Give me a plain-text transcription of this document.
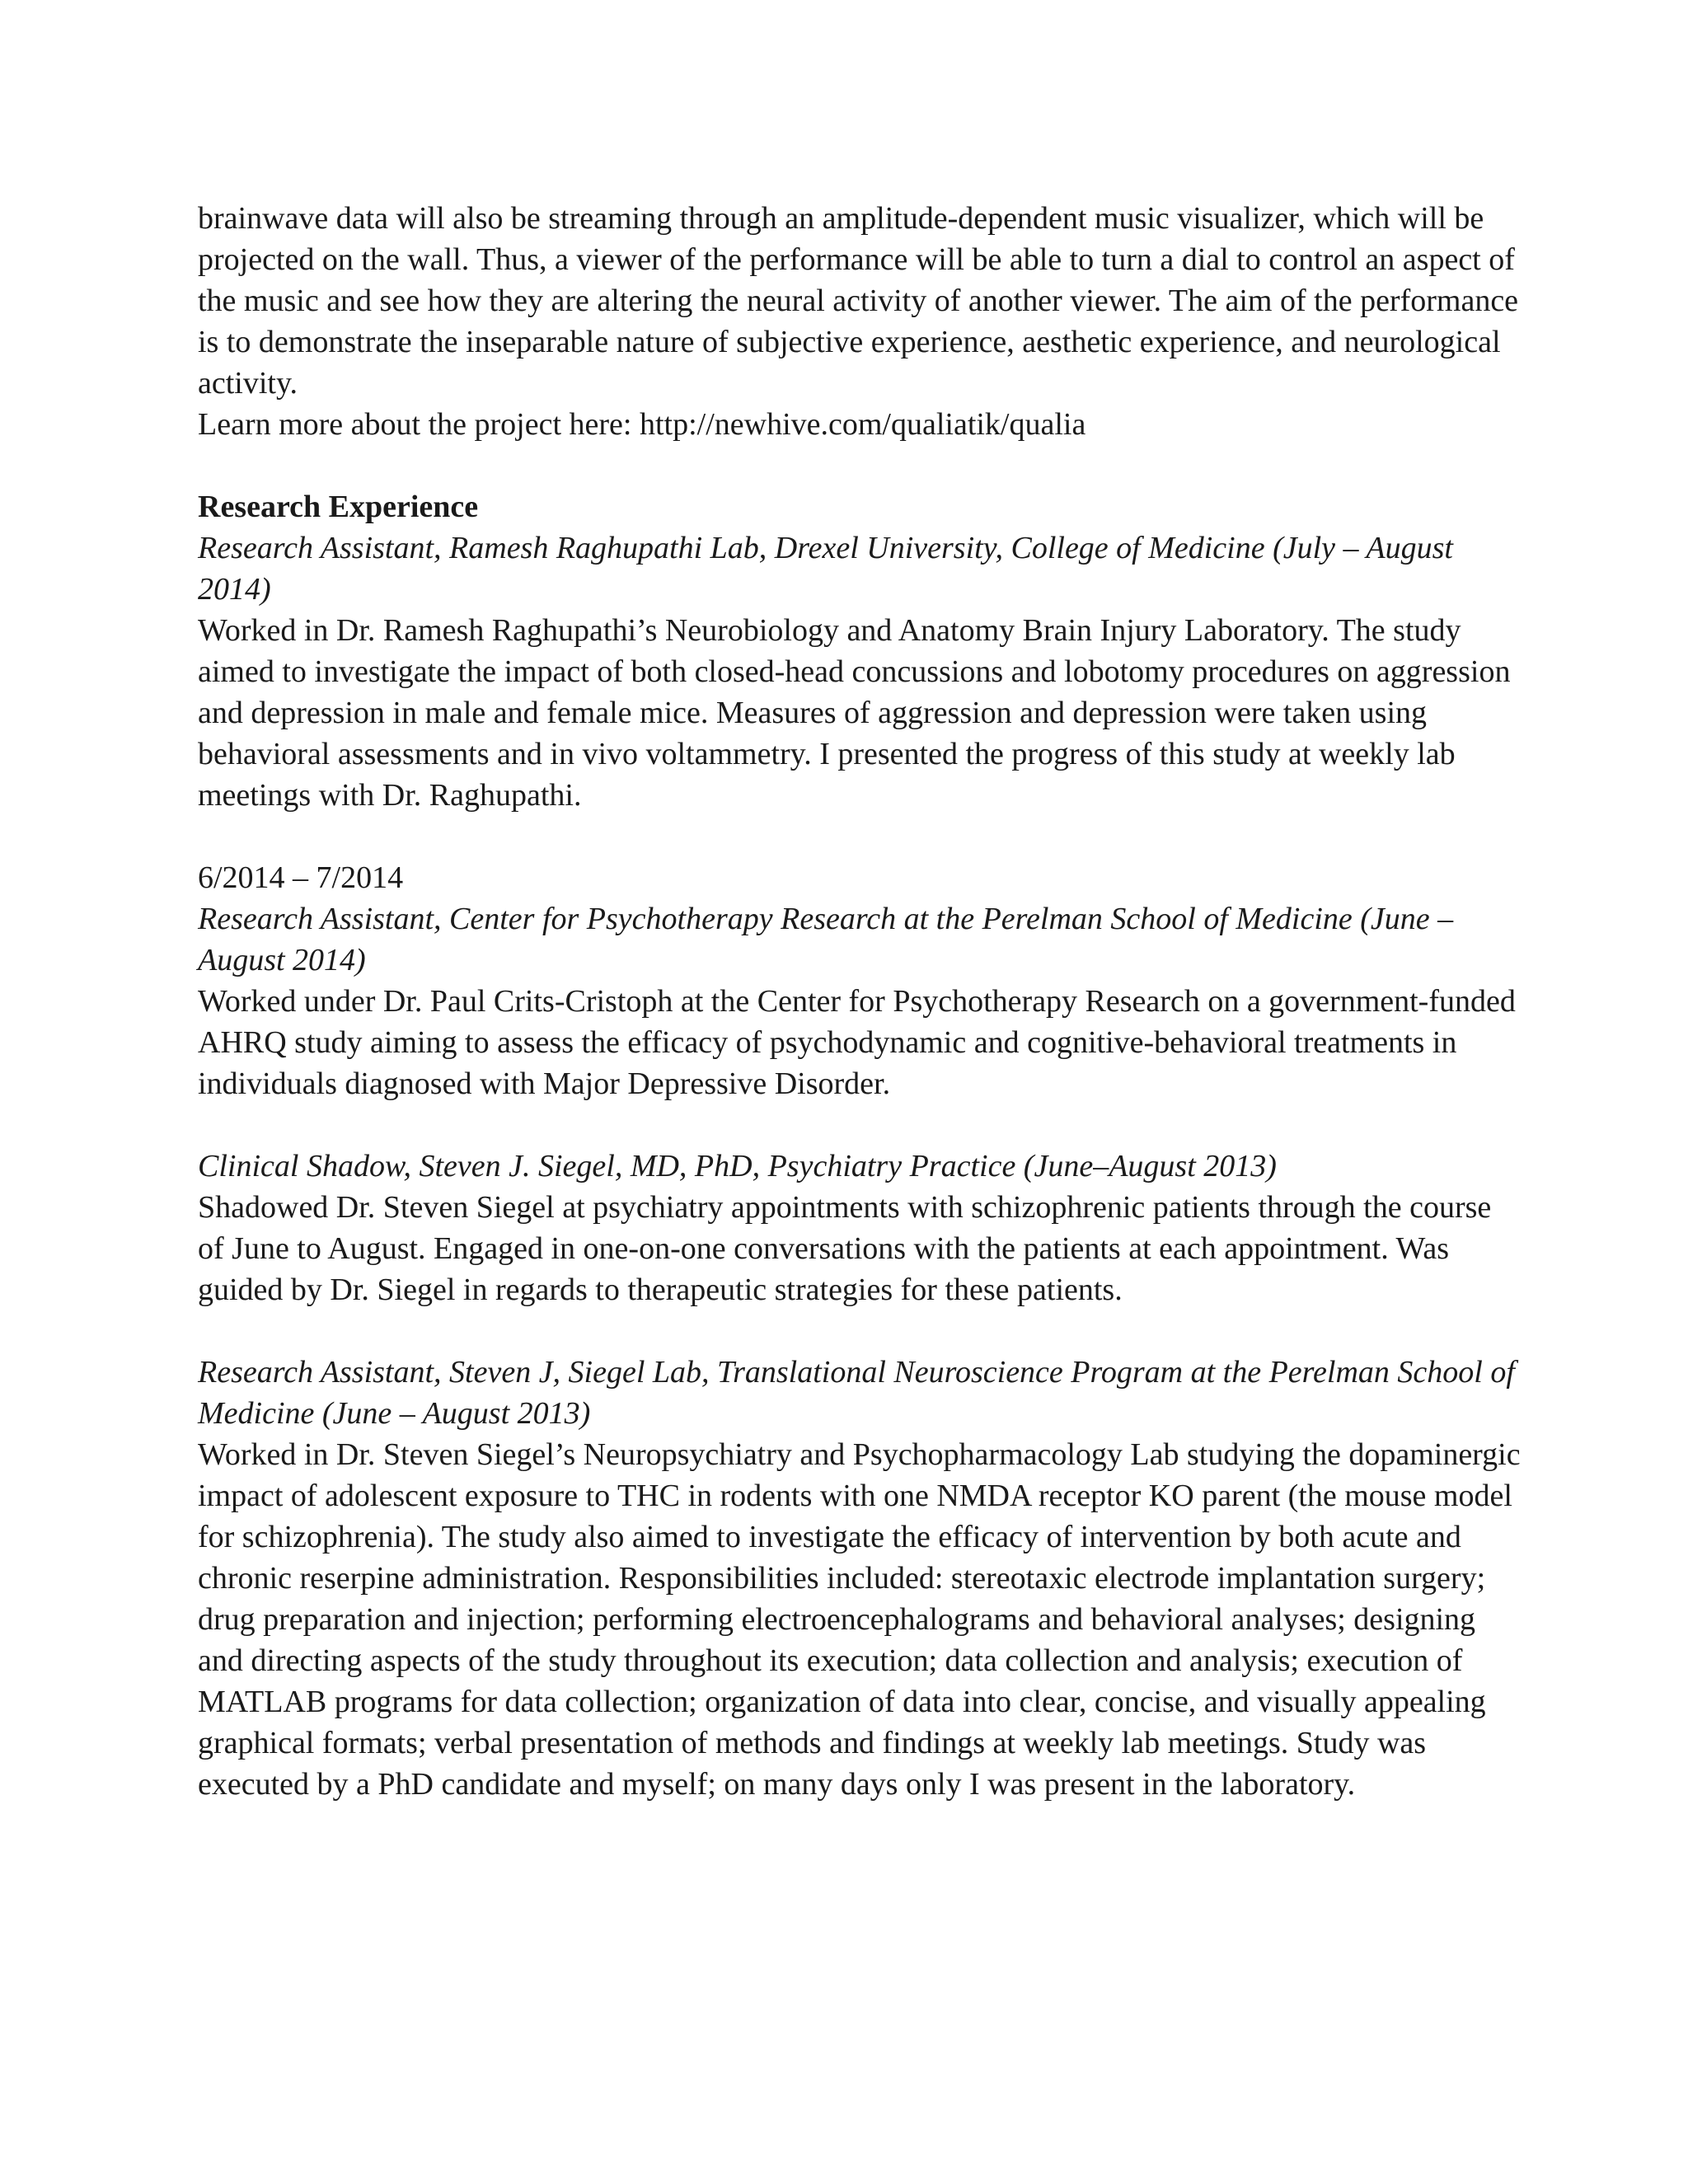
brainwave data will also be streaming through an amplitude-dependent music visualizer, which will be projected on the wall. Thus, a viewer of the performance will be able to turn a dial to control an aspect of the music and see how they are altering the neural activity of another viewer. The aim of the performance is to demonstrate the inseparable nature of subjective experience, aesthetic experience, and neurological activity.

Learn more about the project here: http://newhive.com/qualiatik/qualia

Research Experience

Research Assistant, Ramesh Raghupathi Lab, Drexel University, College of Medicine (July – August 2014)

Worked in Dr. Ramesh Raghupathi’s Neurobiology and Anatomy Brain Injury Laboratory. The study aimed to investigate the impact of both closed-head concussions and lobotomy procedures on aggression and depression in male and female mice. Measures of aggression and depression were taken using behavioral assessments and in vivo voltammetry. I presented the progress of this study at weekly lab meetings with Dr. Raghupathi.

6/2014 – 7/2014

Research Assistant, Center for Psychotherapy Research at the Perelman School of Medicine (June – August 2014)

Worked under Dr. Paul Crits-Cristoph at the Center for Psychotherapy Research on a government-funded AHRQ study aiming to assess the efficacy of psychodynamic and cognitive-behavioral treatments in individuals diagnosed with Major Depressive Disorder.

Clinical Shadow, Steven J. Siegel, MD, PhD, Psychiatry Practice (June–August 2013)

Shadowed Dr. Steven Siegel at psychiatry appointments with schizophrenic patients through the course of June to August. Engaged in one-on-one conversations with the patients at each appointment. Was guided by Dr. Siegel in regards to therapeutic strategies for these patients.

Research Assistant, Steven J, Siegel Lab, Translational Neuroscience Program at the Perelman School of Medicine (June – August 2013)

Worked in Dr. Steven Siegel’s Neuropsychiatry and Psychopharmacology Lab studying the dopaminergic impact of adolescent exposure to THC in rodents with one NMDA receptor KO parent (the mouse model for schizophrenia). The study also aimed to investigate the efficacy of intervention by both acute and chronic reserpine administration. Responsibilities included: stereotaxic electrode implantation surgery; drug preparation and injection; performing electroencephalograms and behavioral analyses; designing and directing aspects of the study throughout its execution; data collection and analysis; execution of MATLAB programs for data collection; organization of data into clear, concise, and visually appealing graphical formats; verbal presentation of methods and findings at weekly lab meetings. Study was executed by a PhD candidate and myself; on many days only I was present in the laboratory.
